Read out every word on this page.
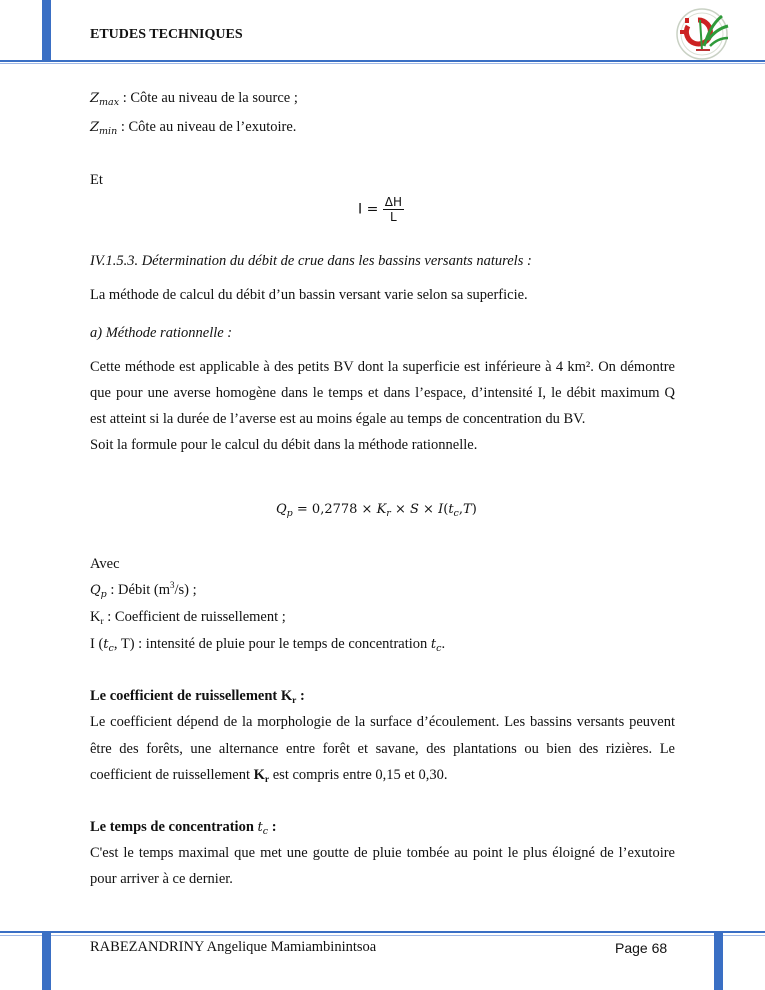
ETUDES TECHNIQUES
$Z_{max}$ : Côte au niveau de la source ;
$Z_{min}$ : Côte au niveau de l’exutoire.
Et
$I = \frac{\Delta H}{L}$
IV.1.5.3. Détermination du débit de crue dans les bassins versants naturels :
La méthode de calcul du débit d’un bassin versant varie selon sa superficie.
a) Méthode rationnelle :
Cette méthode est applicable à des petits BV dont la superficie est inférieure à 4 km². On démontre
que pour une averse homogène dans le temps et dans l’espace, d’intensité I, le débit maximum Q
est atteint si la durée de l’averse est au moins égale au temps de concentration du BV.
Soit la formule pour le calcul du débit dans la méthode rationnelle.
$Q_p = 0,2778 \times K_r \times S \times I(t_c,T)$
Avec
$Q_p$ : Débit $(m^3/s)$ ;
$K_r$ : Coefficient de ruissellement ;
I ($t_c$, T) : intensité de pluie pour le temps de concentration $t_c$.
Le coefficient de ruissellement $K_r$ :
Le coefficient dépend de la morphologie de la surface d’écoulement. Les bassins versants peuvent
être des forêts, une alternance entre forêt et savane, des plantations ou bien des rizières. Le
coefficient de ruissellement $K_r$ est compris entre 0,15 et 0,30.
Le temps de concentration $t_c$ :
C'est le temps maximal que met une goutte de pluie tombée au point le plus éloigné de l’exutoire
pour arriver à ce dernier.
RABEZANDRINY Angelique Mamiambinintsoa	Page 68
